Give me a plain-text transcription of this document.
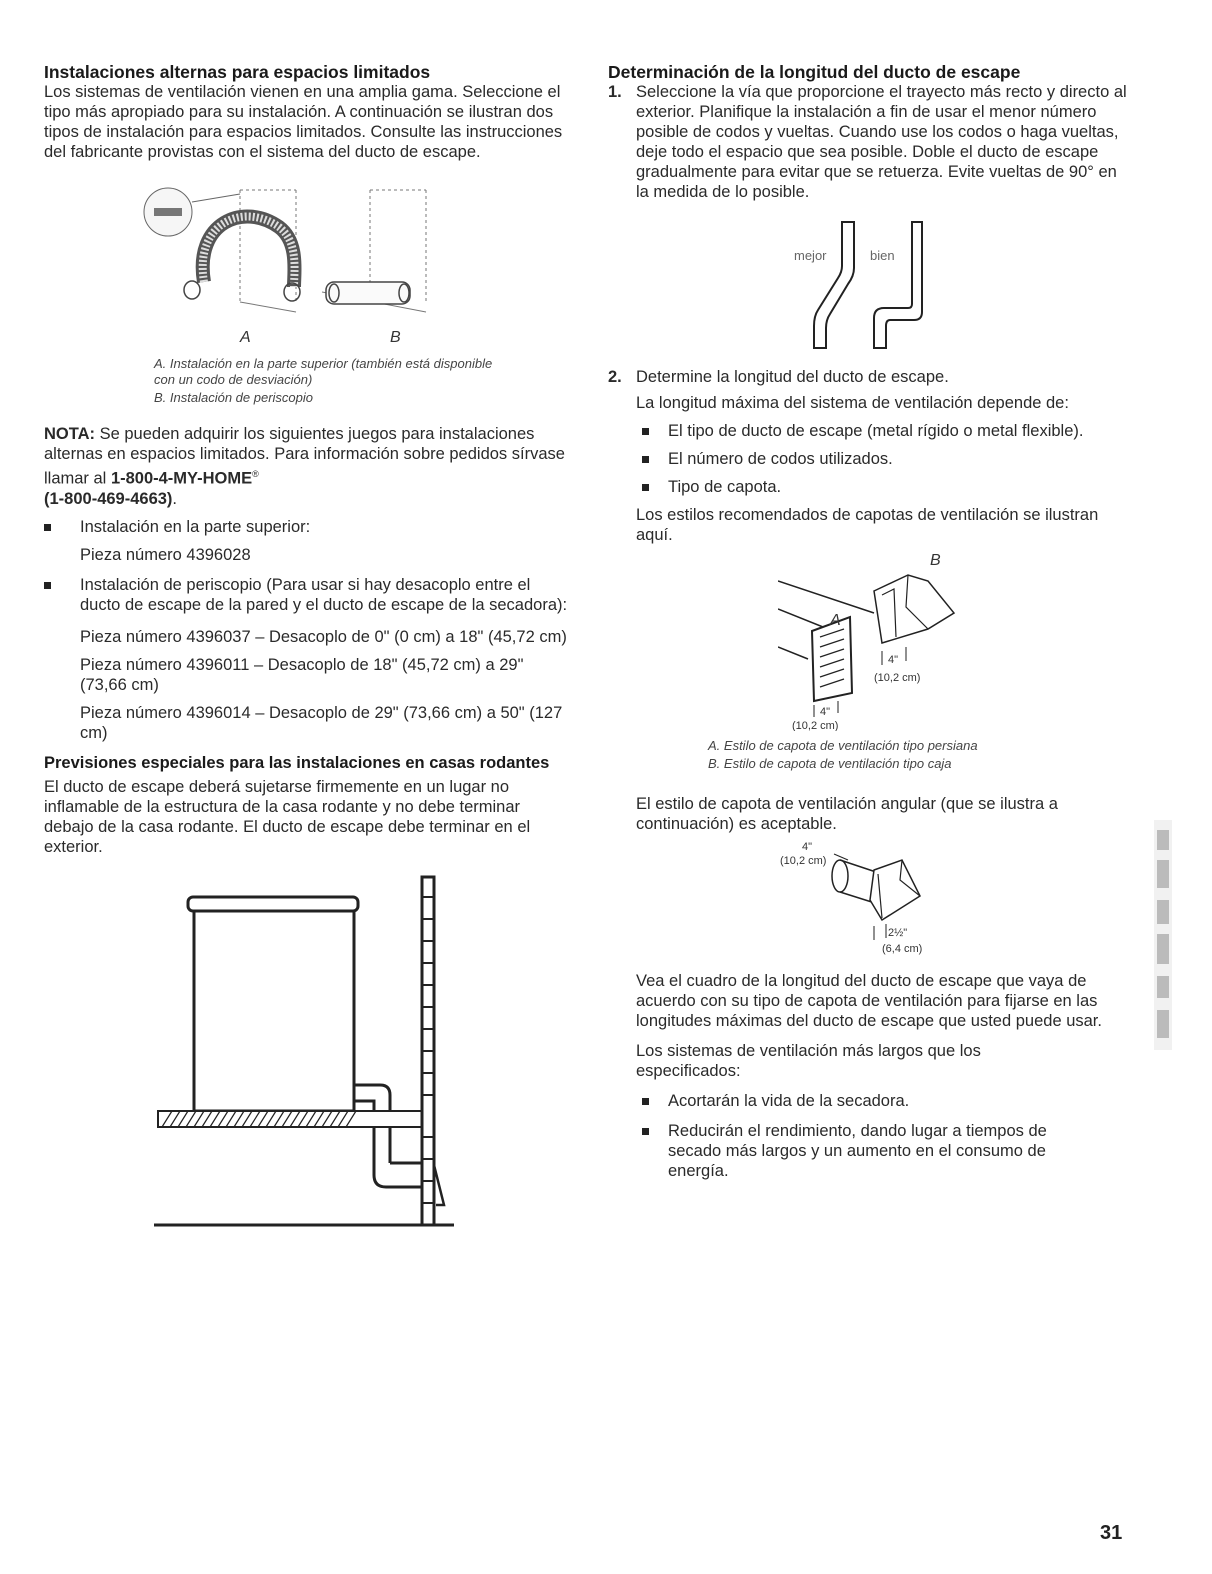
Instalaciones alternas para espacios limitados

Los sistemas de ventilación vienen en una amplia gama. Seleccione el tipo más apropiado para su instalación. A continuación se ilustran dos tipos de instalación para espacios limitados. Consulte las instrucciones del fabricante provistas con el sistema del ducto de escape.

A	B

A. Instalación en la parte superior (también está disponible con un codo de desviación)

B. Instalación de periscopio

NOTA: Se pueden adquirir los siguientes juegos para instalaciones alternas en espacios limitados. Para información sobre pedidos sírvase llamar al 1-800-4-MY-HOME®
(1-800-469-4663).

Instalación en la parte superior:

Pieza número 4396028

Instalación de periscopio (Para usar si hay desacoplo entre el ducto de escape de la pared y el ducto de escape de la secadora):

Pieza número 4396037 – Desacoplo de 0" (0 cm) a 18" (45,72 cm)

Pieza número 4396011 – Desacoplo de 18" (45,72 cm) a 29" (73,66 cm)

Pieza número 4396014 – Desacoplo de 29" (73,66 cm) a 50" (127 cm)

Previsiones especiales para las instalaciones en casas rodantes

El ducto de escape deberá sujetarse firmemente en un lugar no inflamable de la estructura de la casa rodante y no debe terminar debajo de la casa rodante. El ducto de escape debe terminar en el exterior.

Determinación de la longitud del ducto de escape
1. Seleccione la vía que proporcione el trayecto más recto y directo al exterior. Planifique la instalación a fin de usar el menor número posible de codos y vueltas. Cuando use los codos o haga vueltas, deje todo el espacio que sea posible. Doble el ducto de escape gradualmente para evitar que se retuerza. Evite vueltas de 90° en la medida de lo posible.
mejor	bien
2. Determine la longitud del ducto de escape.

La longitud máxima del sistema de ventilación depende de:

El tipo de ducto de escape (metal rígido o metal flexible).
El número de codos utilizados.
Tipo de capota.

Los estilos recomendados de capotas de ventilación se ilustran aquí.

B
A
4"
(10,2 cm)
4"
(10,2 cm)

A. Estilo de capota de ventilación tipo persiana

B. Estilo de capota de ventilación tipo caja

El estilo de capota de ventilación angular (que se ilustra a continuación) es aceptable.

4"
(10,2 cm)
2½"
(6,4 cm)

Vea el cuadro de la longitud del ducto de escape que vaya de acuerdo con su tipo de capota de ventilación para fijarse en las longitudes máximas del ducto de escape que usted puede usar.

Los sistemas de ventilación más largos que los especificados:

Acortarán la vida de la secadora.
Reducirán el rendimiento, dando lugar a tiempos de secado más largos y un aumento en el consumo de energía.
31
